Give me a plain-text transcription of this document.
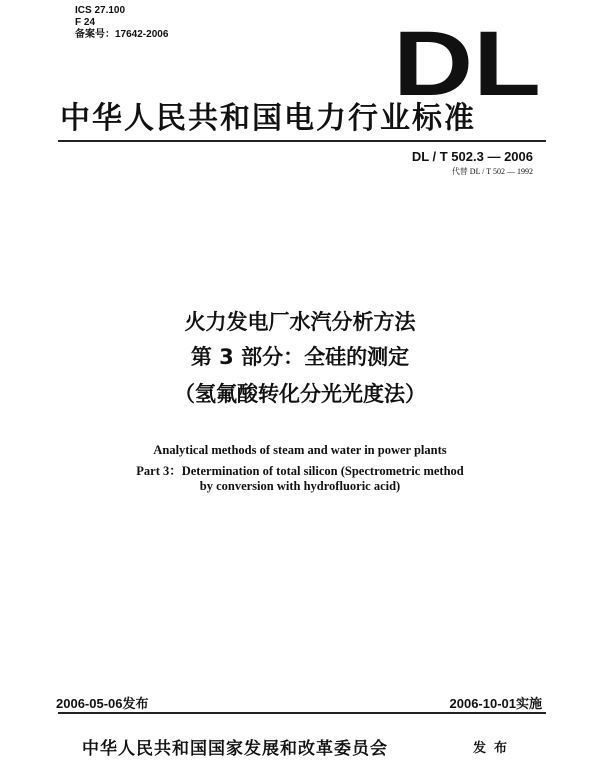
ICS 27.100
F 24
备案号：17642-2006 DL
中华人民共和国电力行业标准
DL / T 502.3 — 2006
代替 DL / T 502 — 1992
火力发电厂水汽分析方法
第 3 部分：全硅的测定
（氢氟酸转化分光光度法）
Analytical methods of steam and water in power plants
Part 3：Determination of total silicon (Spectrometric method
by conversion with hydrofluoric acid)
2006-05-06发布	2006-10-01实施
中华人民共和国国家发展和改革委员会	发布
